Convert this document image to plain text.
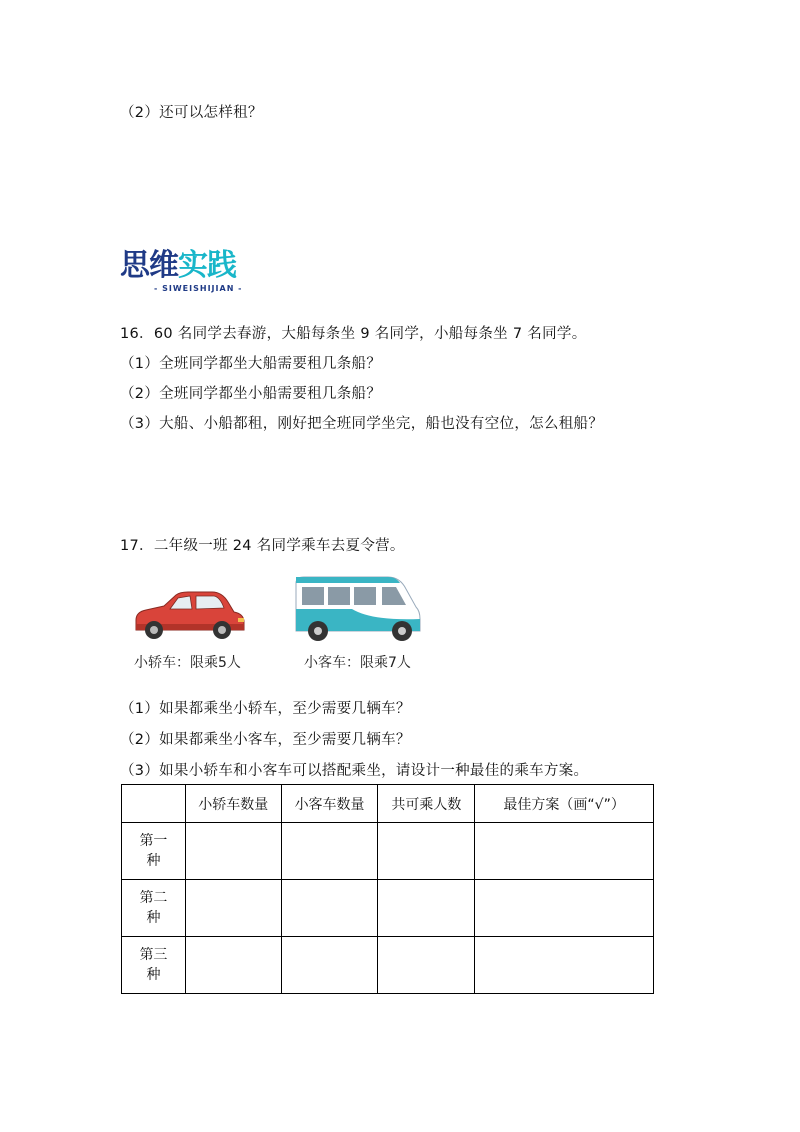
（2）还可以怎样租？
思维实践
- SIWEISHIJIAN -
16．60 名同学去春游，大船每条坐 9 名同学，小船每条坐 7 名同学。
（1）全班同学都坐大船需要租几条船？
（2）全班同学都坐小船需要租几条船？
（3）大船、小船都租，刚好把全班同学坐完，船也没有空位，怎么租船？
17．二年级一班 24 名同学乘车去夏令营。
小轿车：限乘5人	小客车：限乘7人
（1）如果都乘坐小轿车，至少需要几辆车？
（2）如果都乘坐小客车，至少需要几辆车？
（3）如果小轿车和小客车可以搭配乘坐，请设计一种最佳的乘车方案。
	小轿车数量	小客车数量	共可乘人数	最佳方案（画“√”）
第一
种				
第二
种				
第三
种				
